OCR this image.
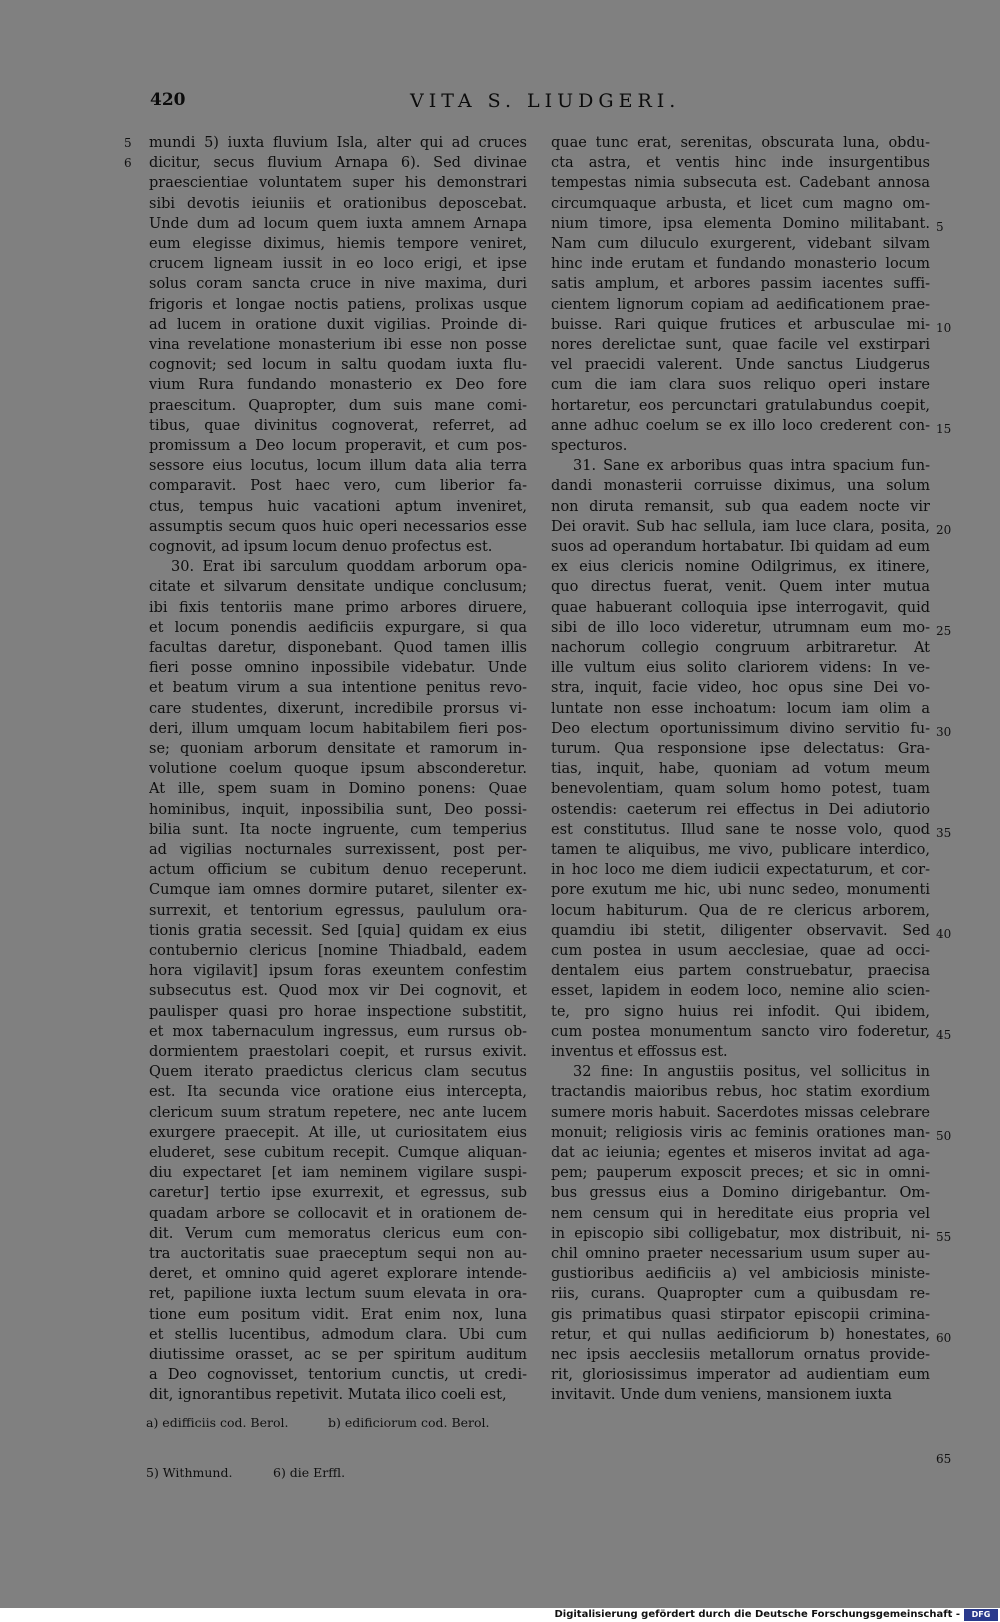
420	VITA S. LIUDGERI.
mundi 5) iuxta fluvium Isla, alter qui ad cruces
dicitur, secus fluvium Arnapa 6). Sed divinae
praescientiae voluntatem super his demonstrari
sibi devotis ieiuniis et orationibus deposcebat.
Unde dum ad locum quem iuxta amnem Arnapa
eum elegisse diximus, hiemis tempore veniret,
crucem ligneam iussit in eo loco erigi, et ipse
solus coram sancta cruce in nive maxima, duri
frigoris et longae noctis patiens, prolixas usque
ad lucem in oratione duxit vigilias. Proinde di-
vina revelatione monasterium ibi esse non posse
cognovit; sed locum in saltu quodam iuxta flu-
vium Rura fundando monasterio ex Deo fore
praescitum. Quapropter, dum suis mane comi-
tibus, quae divinitus cognoverat, referret, ad
promissum a Deo locum properavit, et cum pos-
sessore eius locutus, locum illum data alia terra
comparavit. Post haec vero, cum liberior fa-
ctus, tempus huic vacationi aptum inveniret,
assumptis secum quos huic operi necessarios esse
cognovit, ad ipsum locum denuo profectus est.
30. Erat ibi sarculum quoddam arborum opa-
citate et silvarum densitate undique conclusum;
ibi fixis tentoriis mane primo arbores diruere,
et locum ponendis aedificiis expurgare, si qua
facultas daretur, disponebant. Quod tamen illis
fieri posse omnino inpossibile videbatur. Unde
et beatum virum a sua intentione penitus revo-
care studentes, dixerunt, incredibile prorsus vi-
deri, illum umquam locum habitabilem fieri pos-
se; quoniam arborum densitate et ramorum in-
volutione coelum quoque ipsum absconderetur.
At ille, spem suam in Domino ponens: Quae
hominibus, inquit, inpossibilia sunt, Deo possi-
bilia sunt. Ita nocte ingruente, cum temperius
ad vigilias nocturnales surrexissent, post per-
actum officium se cubitum denuo receperunt.
Cumque iam omnes dormire putaret, silenter ex-
surrexit, et tentorium egressus, paululum ora-
tionis gratia secessit. Sed [quia] quidam ex eius
contubernio clericus [nomine Thiadbald, eadem
hora vigilavit] ipsum foras exeuntem confestim
subsecutus est. Quod mox vir Dei cognovit, et
paulisper quasi pro horae inspectione substitit,
et mox tabernaculum ingressus, eum rursus ob-
dormientem praestolari coepit, et rursus exivit.
Quem iterato praedictus clericus clam secutus
est. Ita secunda vice oratione eius intercepta,
clericum suum stratum repetere, nec ante lucem
exurgere praecepit. At ille, ut curiositatem eius
eluderet, sese cubitum recepit. Cumque aliquan-
diu expectaret [et iam neminem vigilare suspi-
caretur] tertio ipse exurrexit, et egressus, sub
quadam arbore se collocavit et in orationem de-
dit. Verum cum memoratus clericus eum con-
tra auctoritatis suae praeceptum sequi non au-
deret, et omnino quid ageret explorare intende-
ret, papilione iuxta lectum suum elevata in ora-
tione eum positum vidit. Erat enim nox, luna
et stellis lucentibus, admodum clara. Ubi cum
diutissime orasset, ac se per spiritum auditum
a Deo cognovisset, tentorium cunctis, ut credi-
dit, ignorantibus repetivit. Mutata ilico coeli est,
quae tunc erat, serenitas, obscurata luna, obdu-
cta astra, et ventis hinc inde insurgentibus
tempestas nimia subsecuta est. Cadebant annosa
circumquaque arbusta, et licet cum magno om-
nium timore, ipsa elementa Domino militabant.
Nam cum diluculo exurgerent, videbant silvam
hinc inde erutam et fundando monasterio locum
satis amplum, et arbores passim iacentes suffi-
cientem lignorum copiam ad aedificationem prae-
buisse. Rari quique frutices et arbusculae mi-
nores derelictae sunt, quae facile vel exstirpari
vel praecidi valerent. Unde sanctus Liudgerus
cum die iam clara suos reliquo operi instare
hortaretur, eos percunctari gratulabundus coepit,
anne adhuc coelum se ex illo loco crederent con-
specturos.
31. Sane ex arboribus quas intra spacium fun-
dandi monasterii corruisse diximus, una solum
non diruta remansit, sub qua eadem nocte vir
Dei oravit. Sub hac sellula, iam luce clara, posita,
suos ad operandum hortabatur. Ibi quidam ad eum
ex eius clericis nomine Odilgrimus, ex itinere,
quo directus fuerat, venit. Quem inter mutua
quae habuerant colloquia ipse interrogavit, quid
sibi de illo loco videretur, utrumnam eum mo-
nachorum collegio congruum arbitraretur. At
ille vultum eius solito clariorem videns: In ve-
stra, inquit, facie video, hoc opus sine Dei vo-
luntate non esse inchoatum: locum iam olim a
Deo electum oportunissimum divino servitio fu-
turum. Qua responsione ipse delectatus: Gra-
tias, inquit, habe, quoniam ad votum meum
benevolentiam, quam solum homo potest, tuam
ostendis: caeterum rei effectus in Dei adiutorio
est constitutus. Illud sane te nosse volo, quod
tamen te aliquibus, me vivo, publicare interdico,
in hoc loco me diem iudicii expectaturum, et cor-
pore exutum me hic, ubi nunc sedeo, monumenti
locum habiturum. Qua de re clericus arborem,
quamdiu ibi stetit, diligenter observavit. Sed
cum postea in usum aecclesiae, quae ad occi-
dentalem eius partem construebatur, praecisa
esset, lapidem in eodem loco, nemine alio scien-
te, pro signo huius rei infodit. Qui ibidem,
cum postea monumentum sancto viro foderetur,
inventus et effossus est.
32 fine: In angustiis positus, vel sollicitus in
tractandis maioribus rebus, hoc statim exordium
sumere moris habuit. Sacerdotes missas celebrare
monuit; religiosis viris ac feminis orationes man-
dat ac ieiunia; egentes et miseros invitat ad aga-
pem; pauperum exposcit preces; et sic in omni-
bus gressus eius a Domino dirigebantur. Om-
nem censum qui in hereditate eius propria vel
in episcopio sibi colligebatur, mox distribuit, ni-
chil omnino praeter necessarium usum super au-
gustioribus aedificiis a) vel ambiciosis ministe-
riis, curans. Quapropter cum a quibusdam re-
gis primatibus quasi stirpator episcopii crimina-
retur, et qui nullas aedificiorum b) honestates,
nec ipsis aecclesiis metallorum ornatus provide-
rit, gloriosissimus imperator ad audientiam eum
invitavit. Unde dum veniens, mansionem iuxta
5
6
5
10
15
20
25
30
35
40
45
50
55
60
65
a) edifficiis cod. Berol.	b) edificiorum cod. Berol.
5) Withmund.	6) die Erffl.
Digitalisierung gefördert durch die Deutsche Forschungsgemeinschaft -	DFG
